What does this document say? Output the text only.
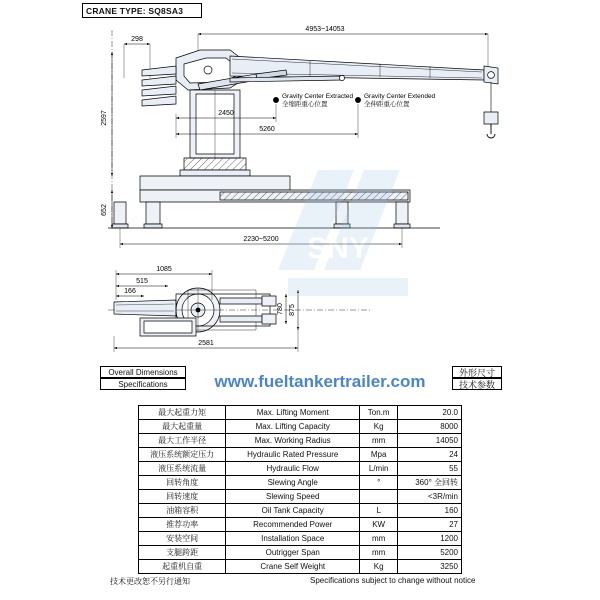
CRANE TYPE: SQ8SA3
4953~14053
298
2597
652
Gravity Center Extracted
全缩距重心位置
Gravity Center Extended
全伸距重心位置
2450
5260
2230~5200
1085
515
166
780 875
2581
SNY
www.fueltankertrailer.com
Overall Dimensions
Specifications
外形尺寸
技术参数
最大起重力矩	Max. Lifting Moment	Ton.m	20.0
最大起重量	Max. Lifting Capacity	Kg	8000
最大工作半径	Max. Working Radius	mm	14050
液压系统额定压力	Hydraulic Rated Pressure	Mpa	24
液压系统流量	Hydraulic Flow	L/min	55
回转角度	Slewing Angle	°	360° 全回转
回转速度	Slewing Speed		<3R/min
油箱容积	Oil Tank Capacity	L	160
推荐功率	Recommended Power	KW	27
安装空间	Installation Space	mm	1200
支腿跨距	Outrigger Span	mm	5200
起重机自重	Crane Self Weight	Kg	3250
技术更改恕不另行通知	Specifications subject to change without notice
